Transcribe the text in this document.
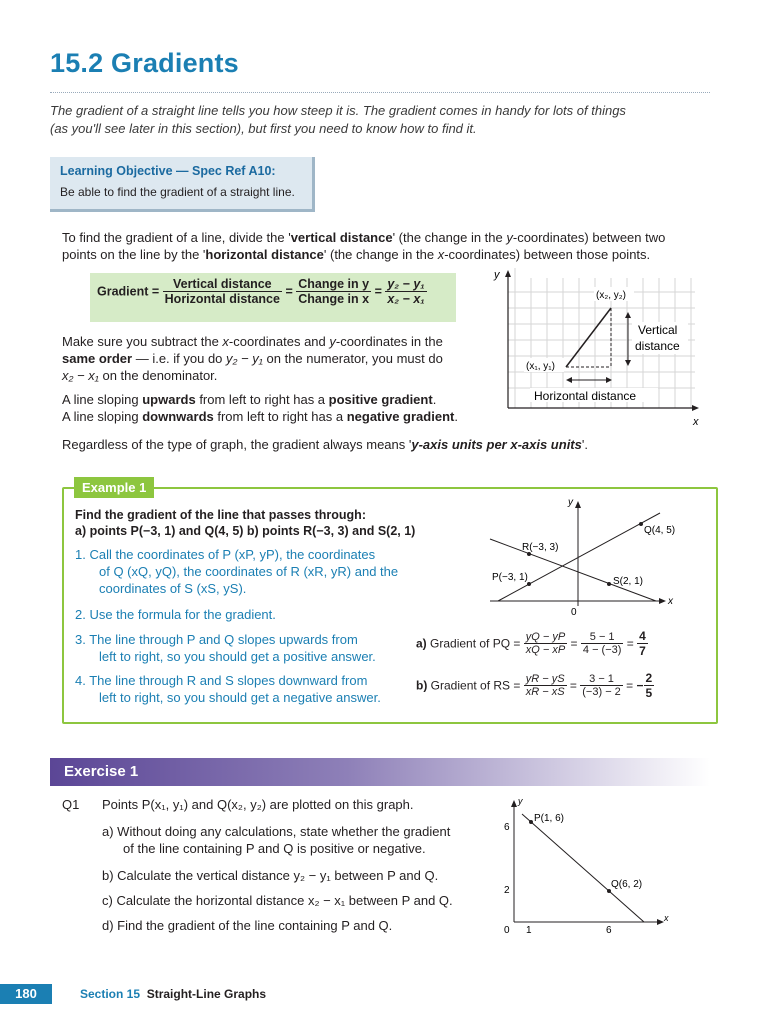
15.2 Gradients
The gradient of a straight line tells you how steep it is. The gradient comes in handy for lots of things
(as you'll see later in this section), but first you need to know how to find it.
Learning Objective — Spec Ref A10:
Be able to find the gradient of a straight line.
To find the gradient of a line, divide the 'vertical distance' (the change in the y-coordinates) between two
points on the line by the 'horizontal distance' (the change in the x-coordinates) between those points.
Gradient = $\frac{\text{Vertical distance}}{\text{Horizontal distance}} = \frac{\text{Change in y}}{\text{Change in x}} = \frac{\text{y₂ − y₁}}{\text{x₂ − x₁}}$
Make sure you subtract the x-coordinates and y-coordinates in the
same order — i.e. if you do y₂ − y₁ on the numerator, you must do
x₂ − x₁ on the denominator.
A line sloping upwards from left to right has a positive gradient.
A line sloping downwards from left to right has a negative gradient.
Regardless of the type of graph, the gradient always means 'y-axis units per x-axis units'.
y
x
(x₂, y₂)
(x₁, y₁)
Vertical
distance
Horizontal distance
Example 1
Find the gradient of the line that passes through:
a) points P(−3, 1) and Q(4, 5) b) points R(−3, 3) and S(2, 1)
1. Call the coordinates of P (xP, yP), the coordinates
of Q (xQ, yQ), the coordinates of R (xR, yR) and the
coordinates of S (xS, yS).
2. Use the formula for the gradient.
3. The line through P and Q slopes upwards from
left to right, so you should get a positive answer.
4. The line through R and S slopes downward from
left to right, so you should get a negative answer.
a) Gradient of PQ = $\frac{yQ - yP}{xQ - xP} = \frac{5 - 1}{4 - (-3)} = \frac{4}{7}$
b) Gradient of RS = $\frac{yR - yS}{xR - xS} = \frac{3 - 1}{(-3) - 2}$ = − $\frac{2}{5}$
y
x
0
Q(4, 5)
R(−3, 3)
P(−3, 1)	S(2, 1)
Exercise 1
Q1 Points P(x₁, y₁) and Q(x₂, y₂) are plotted on this graph.
a) Without doing any calculations, state whether the gradient
of the line containing P and Q is positive or negative.
b) Calculate the vertical distance y₂ − y₁ between P and Q.
c) Calculate the horizontal distance x₂ − x₁ between P and Q.
d) Find the gradient of the line containing P and Q.
y
x
P(1, 6)
Q(6, 2)
6
2
0 1	6
180	Section 15 Straight-Line Graphs
